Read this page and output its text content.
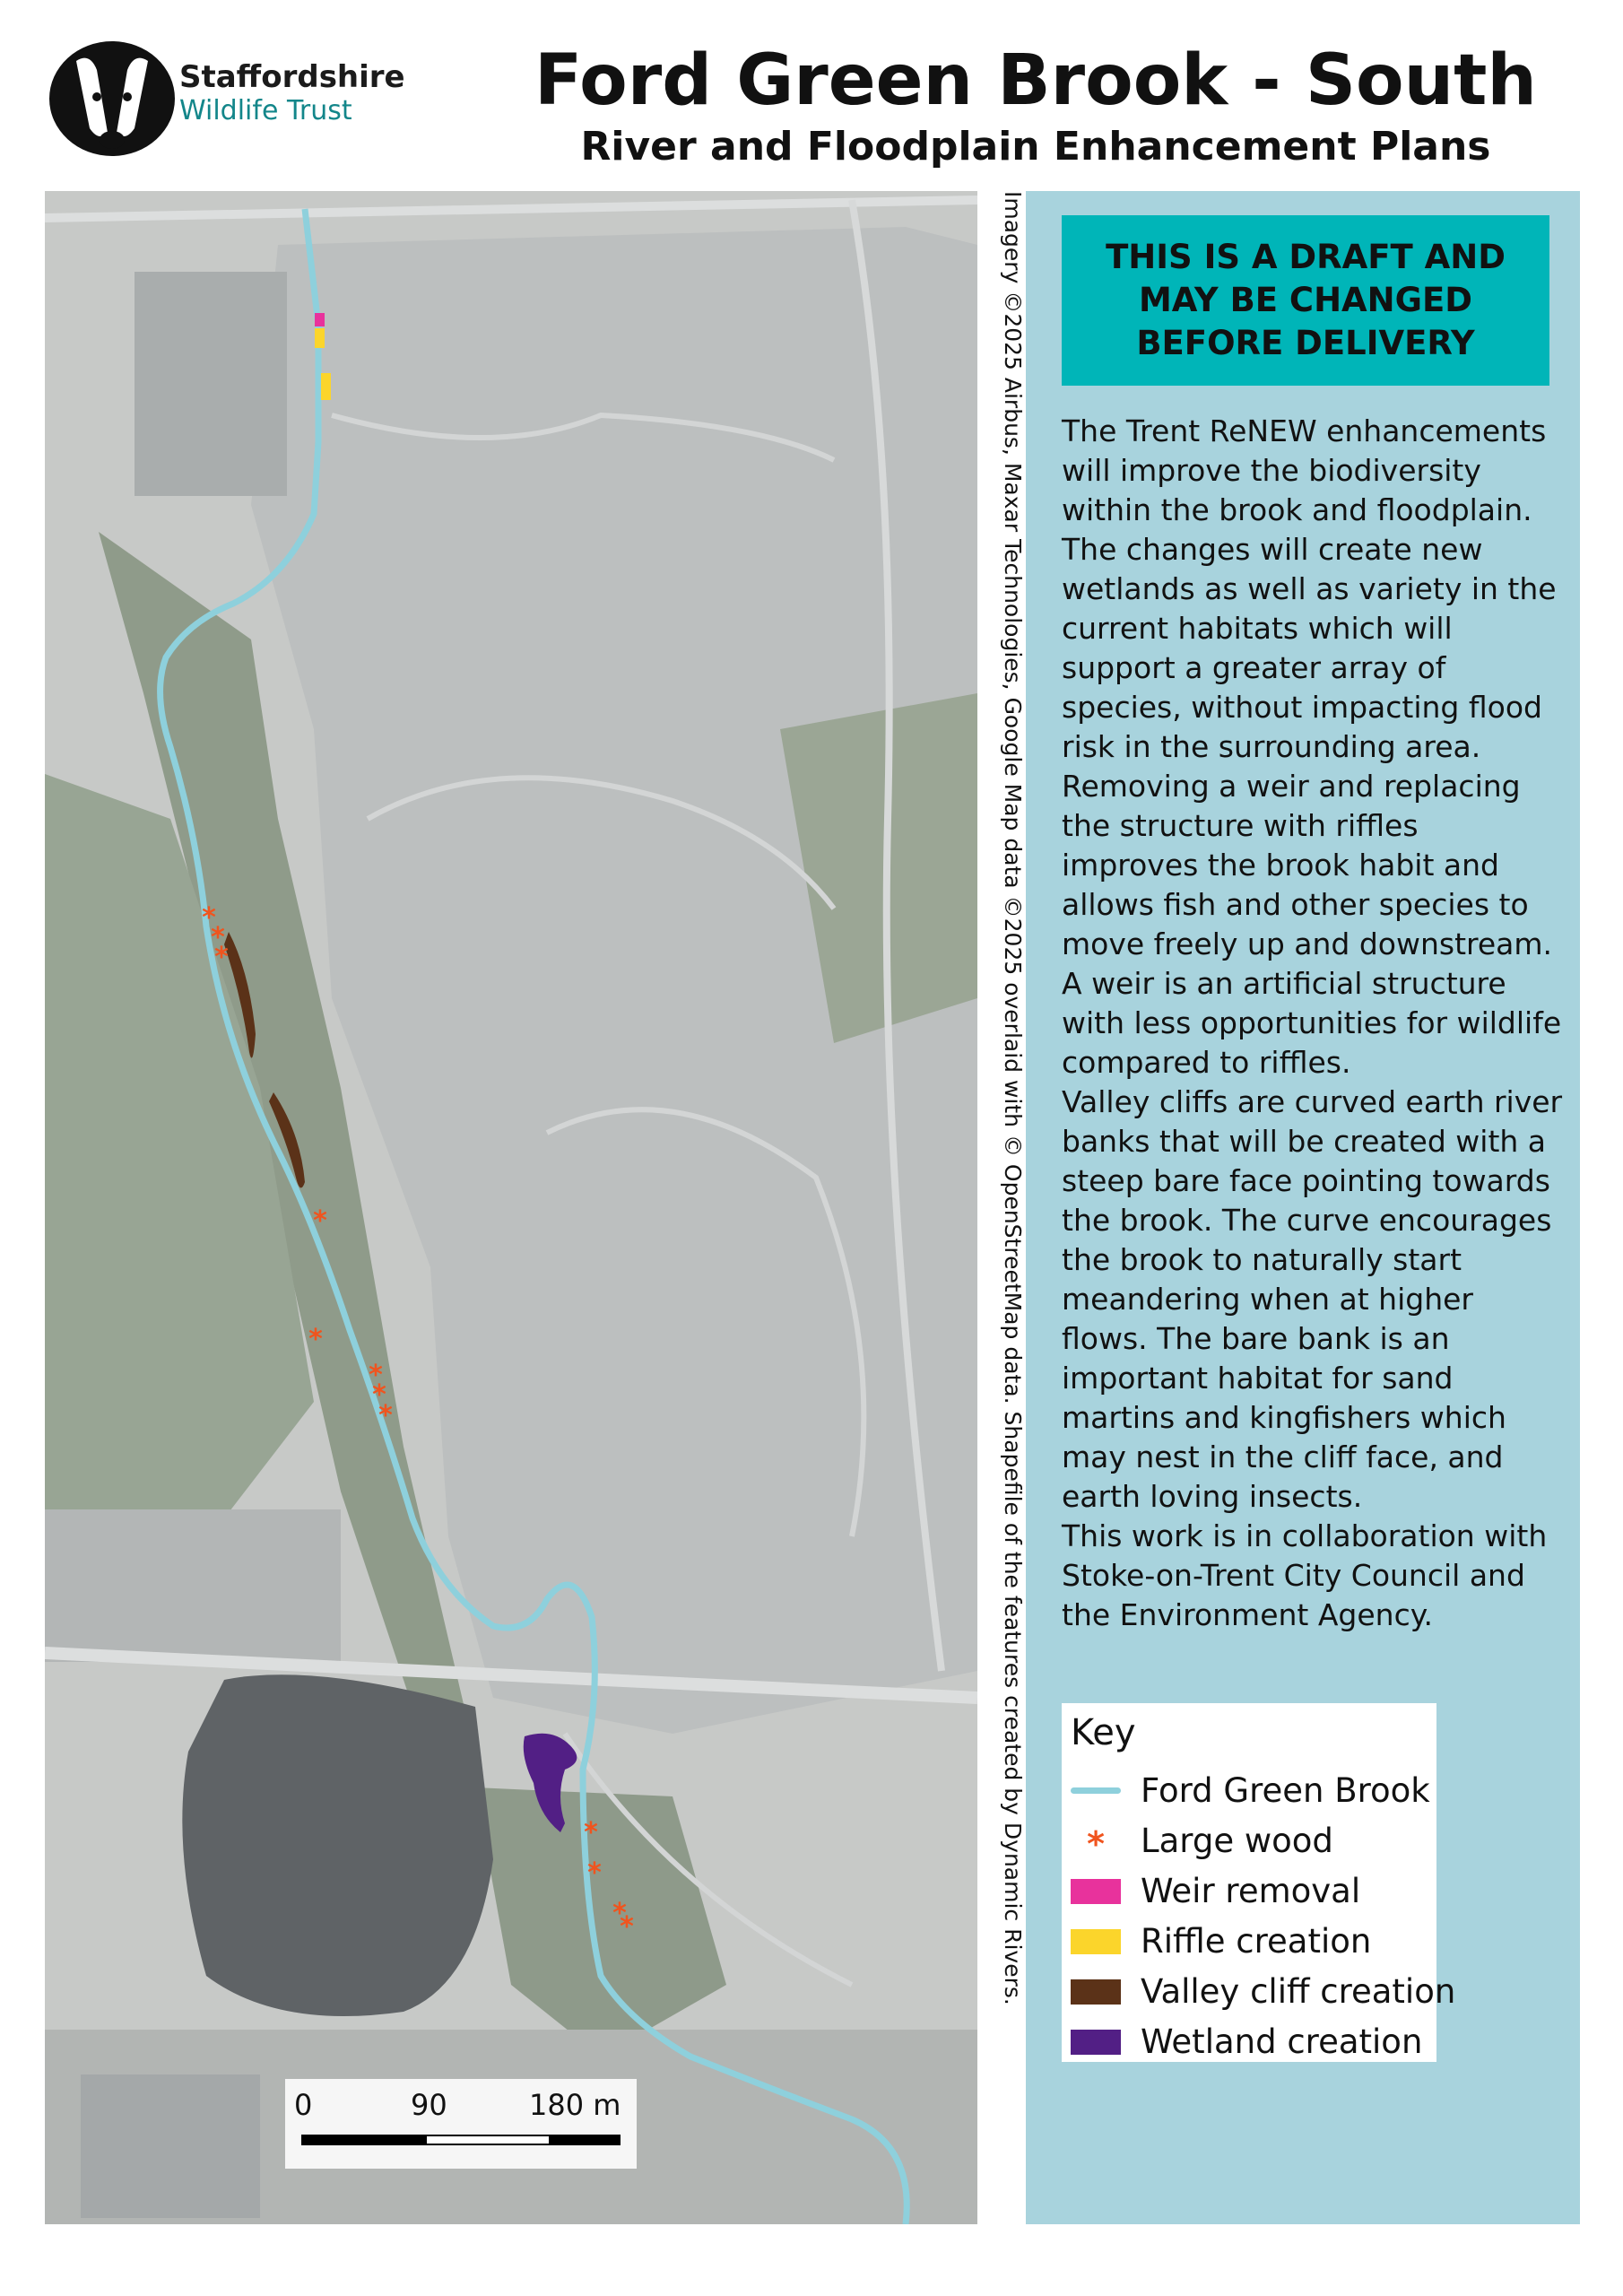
Staffordshire
Wildlife Trust	Ford Green Brook - South
River and Floodplain Enhancement Plans
*
*
*
*
*
*
*
*
*
*
*
*	Imagery ©2025 Airbus, Maxar Technologies, Google Map data ©2025 overlaid with © OpenStreetMap data. Shapefile of the features created by Dynamic Rivers.
0	90	180 m
THIS IS A DRAFT AND
MAY BE CHANGED
BEFORE DELIVERY
The Trent ReNEW enhancements will improve the biodiversity within the brook and floodplain. The changes will create new wetlands as well as variety in the current habitats which will support a greater array of species, without impacting flood risk in the surrounding area.
Removing a weir and replacing the structure with riffles improves the brook habit and allows fish and other species to move freely up and downstream. A weir is an artificial structure with less opportunities for wildlife compared to riffles.
Valley cliffs are curved earth river banks that will be created with a steep bare face pointing towards the brook. The curve encourages the brook to naturally start meandering when at higher flows. The bare bank is an important habitat for sand martins and kingfishers which may nest in the cliff face, and earth loving insects.
This work is in collaboration with Stoke-on-Trent City Council and the Environment Agency.
Key
Ford Green Brook
*	Large wood
Weir removal
Riffle creation
Valley cliff creation
Wetland creation
